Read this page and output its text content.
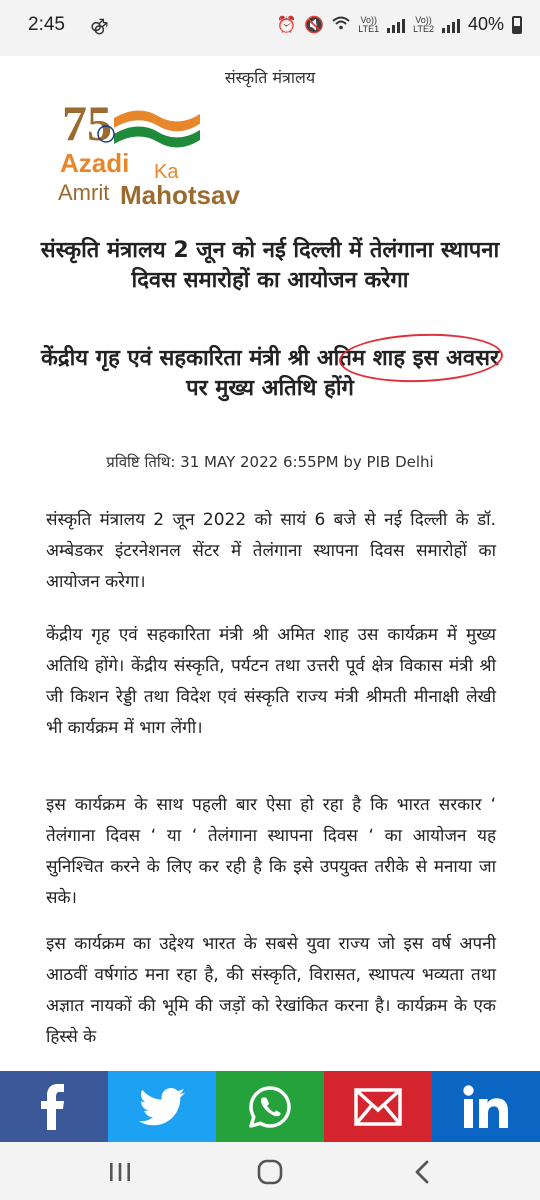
2:45 ⚣	⏰ 🔇	Vo))
LTE1
Vo))
LTE2 40%
संस्कृति मंत्रालय
75
Azadi Ka
Amrit Mahotsav
संस्कृति मंत्रालय 2 जून को नई दिल्ली में तेलंगाना स्थापना दिवस समारोहों का आयोजन करेगा
केंद्रीय गृह एवं सहकारिता मंत्री श्री अतिम शाह इस अवसर पर मुख्य अतिथि होंगे
प्रविष्टि तिथि: 31 MAY 2022 6:55PM by PIB Delhi

संस्कृति मंत्रालय 2 जून 2022 को सायं 6 बजे से नई दिल्ली के डॉ. अम्बेडकर इंटरनेशनल सेंटर में तेलंगाना स्थापना दिवस समारोहों का आयोजन करेगा।

केंद्रीय गृह एवं सहकारिता मंत्री श्री अमित शाह उस कार्यक्रम में मुख्य अतिथि होंगे। केंद्रीय संस्कृति, पर्यटन तथा उत्तरी पूर्व क्षेत्र विकास मंत्री श्री जी किशन रेड्डी तथा विदेश एवं संस्कृति राज्य मंत्री श्रीमती मीनाक्षी लेखी भी कार्यक्रम में भाग लेंगी।

इस कार्यक्रम के साथ पहली बार ऐसा हो रहा है कि भारत सरकार ‘ तेलंगाना दिवस ‘ या ‘ तेलंगाना स्थापना दिवस ‘ का आयोजन यह सुनिश्चित करने के लिए कर रही है कि इसे उपयुक्त तरीके से मनाया जा सके।

इस कार्यक्रम का उद्देश्य भारत के सबसे युवा राज्य जो इस वर्ष अपनी आठवीं वर्षगांठ मना रहा है, की संस्कृति, विरासत, स्थापत्य भव्यता तथा अज्ञात नायकों की भूमि की जड़ों को रेखांकित करना है। कार्यक्रम के एक हिस्से के
